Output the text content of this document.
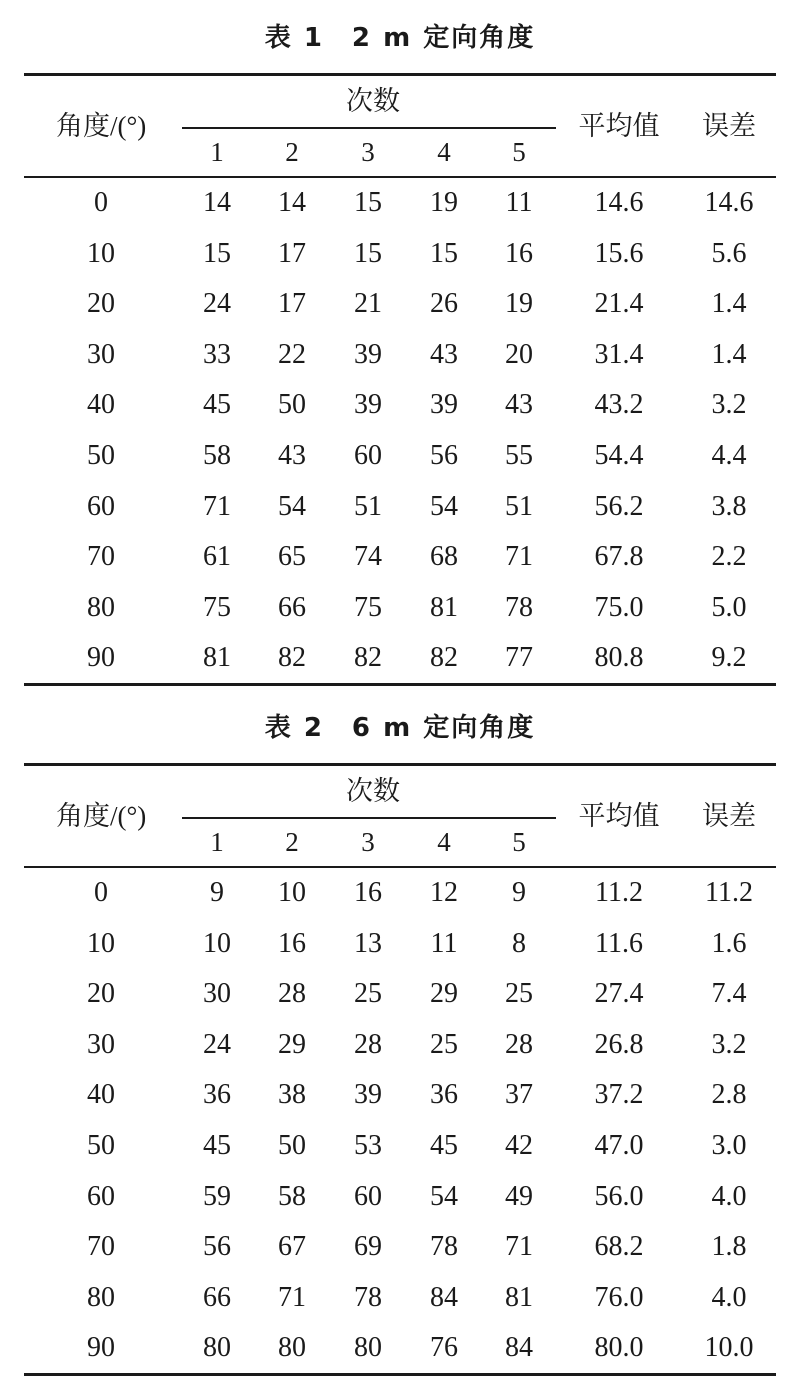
表 1　2 m 定向角度
角度/(°)
次数
平均值 误差
1	2	3	4	5
0	14	14	15	19	11	14.6	14.6
10	15	17	15	15	16	15.6	5.6
20	24	17	21	26	19	21.4	1.4
30	33	22	39	43	20	31.4	1.4
40	45	50	39	39	43	43.2	3.2
50	58	43	60	56	55	54.4	4.4
60	71	54	51	54	51	56.2	3.8
70	61	65	74	68	71	67.8	2.2
80	75	66	75	81	78	75.0	5.0
90	81	82	82	82	77	80.8	9.2
表 2　6 m 定向角度
角度/(°)
次数
平均值 误差
1	2	3	4	5
0	9	10	16	12	9	11.2	11.2
10	10	16	13	11	8	11.6	1.6
20	30	28	25	29	25	27.4	7.4
30	24	29	28	25	28	26.8	3.2
40	36	38	39	36	37	37.2	2.8
50	45	50	53	45	42	47.0	3.0
60	59	58	60	54	49	56.0	4.0
70	56	67	69	78	71	68.2	1.8
80	66	71	78	84	81	76.0	4.0
90	80	80	80	76	84	80.0	10.0
